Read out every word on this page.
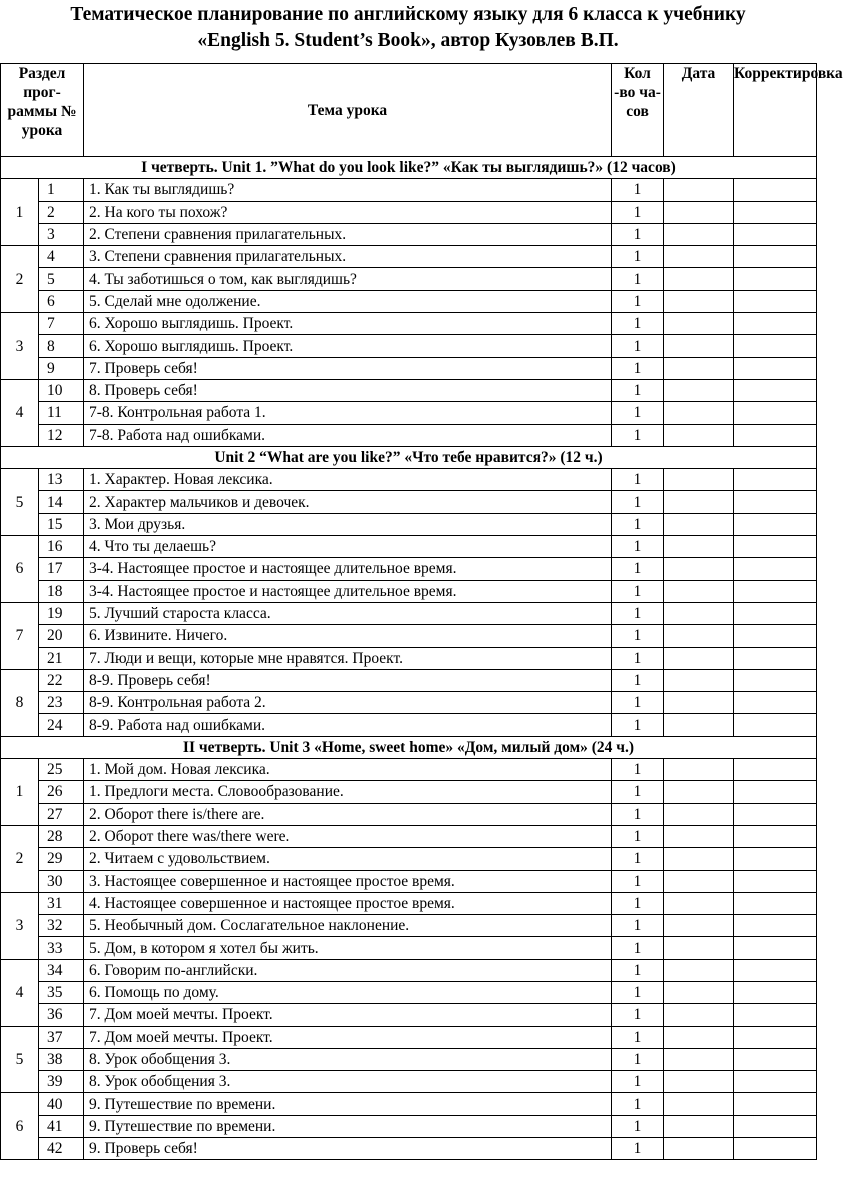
Тематическое планирование по английскому языку для 6 класса к учебнику
«English 5. Student’s Book», автор Кузовлев В.П.
Раздел прог-раммы № урока		Тема урока	Кол -во ча-сов	Дата	Корректировка
I четверть. Unit 1. ”What do you look like?” «Как ты выглядишь?» (12 часов)					
1	1	1. Как ты выглядишь?	1		
	2	2. На кого ты похож?	1		
	3	2. Степени сравнения прилагательных.	1		
2	4	3. Степени сравнения прилагательных.	1		
	5	4. Ты заботишься о том, как выглядишь?	1		
	6	5. Сделай мне одолжение.	1		
3	7	6. Хорошо выглядишь. Проект.	1		
	8	6. Хорошо выглядишь. Проект.	1		
	9	7. Проверь себя!	1		
4	10	8. Проверь себя!	1		
	11	7-8. Контрольная работа 1.	1		
	12	7-8. Работа над ошибками.	1		
Unit 2 “What are you like?” «Что тебе нравится?» (12 ч.)					
5	13	1. Характер. Новая лексика.	1		
	14	2. Характер мальчиков и девочек.	1		
	15	3. Мои друзья.	1		
6	16	4. Что ты делаешь?	1		
	17	3-4. Настоящее простое и настоящее длительное время.	1		
	18	3-4. Настоящее простое и настоящее длительное время.	1		
7	19	5. Лучший староста класса.	1		
	20	6. Извините. Ничего.	1		
	21	7. Люди и вещи, которые мне нравятся. Проект.	1		
8	22	8-9. Проверь себя!	1		
	23	8-9. Контрольная работа 2.	1		
	24	8-9. Работа над ошибками.	1		
II четверть. Unit 3 «Home, sweet home» «Дом, милый дом» (24 ч.)					
1	25	1. Мой дом. Новая лексика.	1		
	26	1. Предлоги места. Словообразование.	1		
	27	2. Оборот there is/there are.	1		
2	28	2. Оборот there was/there were.	1		
	29	2. Читаем с удовольствием.	1		
	30	3. Настоящее совершенное и настоящее простое время.	1		
3	31	4. Настоящее совершенное и настоящее простое время.	1		
	32	5. Необычный дом. Сослагательное наклонение.	1		
	33	5. Дом, в котором я хотел бы жить.	1		
4	34	6. Говорим по-английски.	1		
	35	6. Помощь по дому.	1		
	36	7. Дом моей мечты. Проект.	1		
5	37	7. Дом моей мечты. Проект.	1		
	38	8. Урок обобщения 3.	1		
	39	8. Урок обобщения 3.	1		
6	40	9. Путешествие по времени.	1		
	41	9. Путешествие по времени.	1		
	42	9. Проверь себя!	1		
